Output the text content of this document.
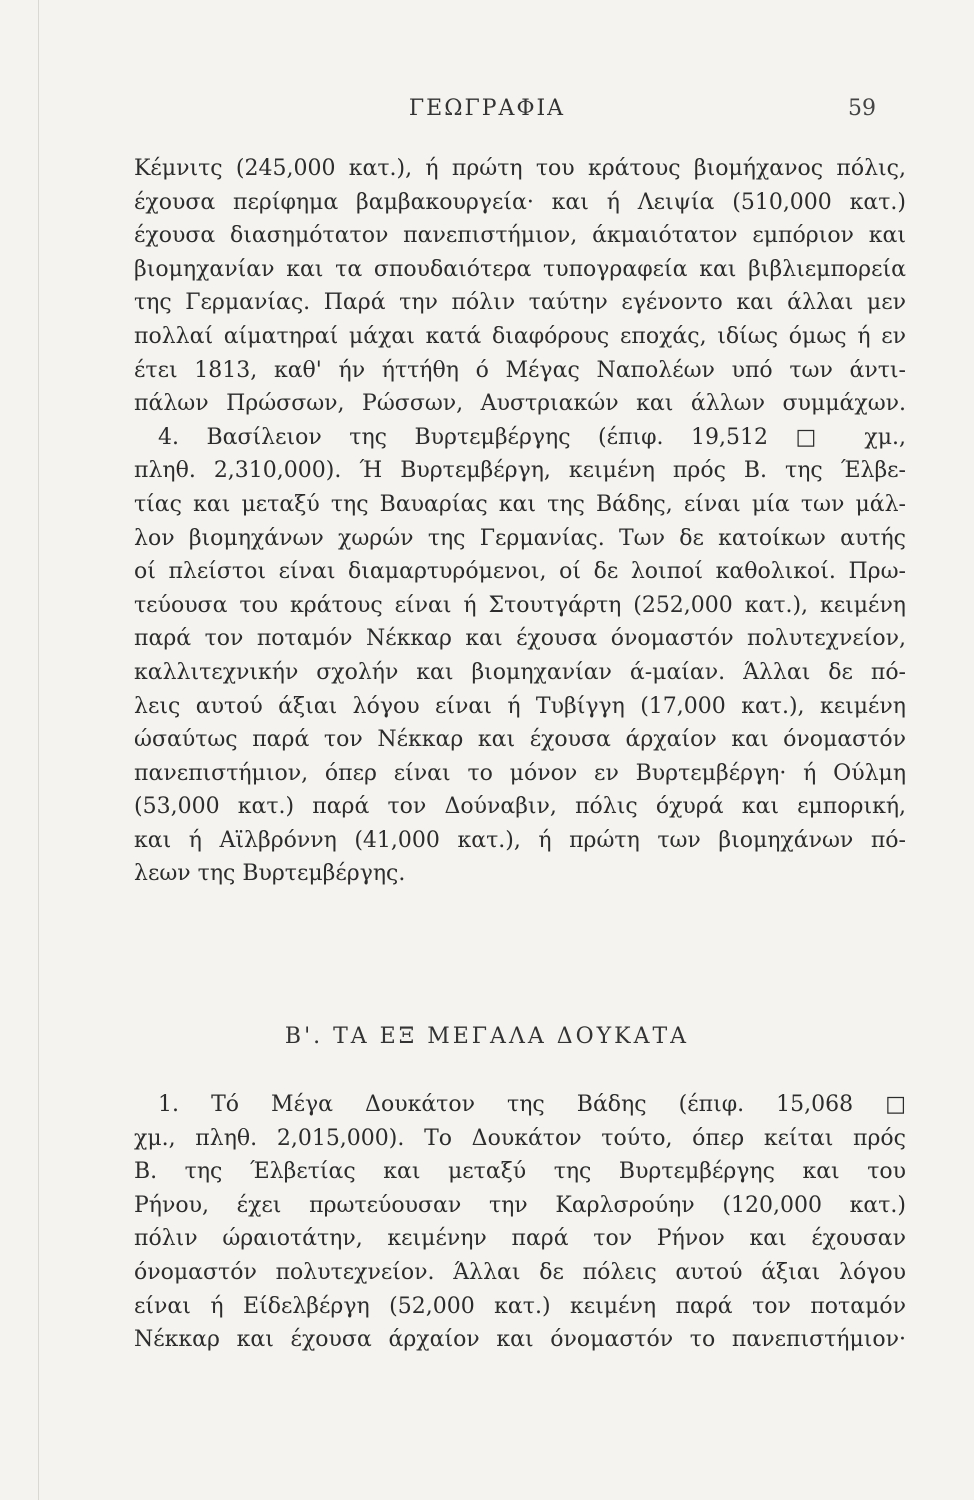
ΓΕΩΓΡΑΦΙΑ	59
Κέμνιτς (245,000 κατ.), ή πρώτη του κράτους βιομήχανος πόλις,
έχουσα περίφημα βαμβακουργεία· και ή Λειψία (510,000 κατ.)
έχουσα διασημότατον πανεπιστήμιον, άκμαιότατον εμπόριον και
βιομηχανίαν και τα σπουδαιότερα τυπογραφεία και βιβλιεμπορεία
της Γερμανίας. Παρά την πόλιν ταύτην εγένοντο και άλλαι μεν
πολλαί αίματηραί μάχαι κατά διαφόρους εποχάς, ιδίως όμως ή εν
έτει 1813, καθ' ήν ήττήθη ό Μέγας Ναπολέων υπό των άντι-
πάλων Πρώσσων, Ρώσσων, Αυστριακών και άλλων συμμάχων.
4. Βασίλειον της Βυρτεμβέργης (έπιφ. 19,512 □ χμ.,
πληθ. 2,310,000). Ή Βυρτεμβέργη, κειμένη πρός Β. της Έλβε-
τίας και μεταξύ της Βαυαρίας και της Βάδης, είναι μία των μάλ-
λον βιομηχάνων χωρών της Γερμανίας. Των δε κατοίκων αυτής
οί πλείστοι είναι διαμαρτυρόμενοι, οί δε λοιποί καθολικοί. Πρω-
τεύουσα του κράτους είναι ή Στουτγάρτη (252,000 κατ.), κειμένη
παρά τον ποταμόν Νέκκαρ και έχουσα όνομαστόν πολυτεχνείον,
καλλιτεχνικήν σχολήν και βιομηχανίαν ά-μαίαν. Άλλαι δε πό-
λεις αυτού άξιαι λόγου είναι ή Τυβίγγη (17,000 κατ.), κειμένη
ώσαύτως παρά τον Νέκκαρ και έχουσα άρχαίον και όνομαστόν
πανεπιστήμιον, όπερ είναι το μόνον εν Βυρτεμβέργη· ή Ούλμη
(53,000 κατ.) παρά τον Δούναβιν, πόλις όχυρά και εμπορική,
και ή Αϊλβρόννη (41,000 κατ.), ή πρώτη των βιομηχάνων πό-
λεων της Βυρτεμβέργης.
Β'. ΤΑ ΕΞ ΜΕΓΑΛΑ ΔΟΥΚΑΤΑ
1. Τό Μέγα Δουκάτον της Βάδης (έπιφ. 15,068 □
χμ., πληθ. 2,015,000). Το Δουκάτον τούτο, όπερ κείται πρός
Β. της Έλβετίας και μεταξύ της Βυρτεμβέργης και του
Ρήνου, έχει πρωτεύουσαν την Καρλσρούην (120,000 κατ.)
πόλιν ώραιοτάτην, κειμένην παρά τον Ρήνον και έχουσαν
όνομαστόν πολυτεχνείον. Άλλαι δε πόλεις αυτού άξιαι λόγου
είναι ή Είδελβέργη (52,000 κατ.) κειμένη παρά τον ποταμόν
Νέκκαρ και έχουσα άρχαίον και όνομαστόν το πανεπιστήμιον·
